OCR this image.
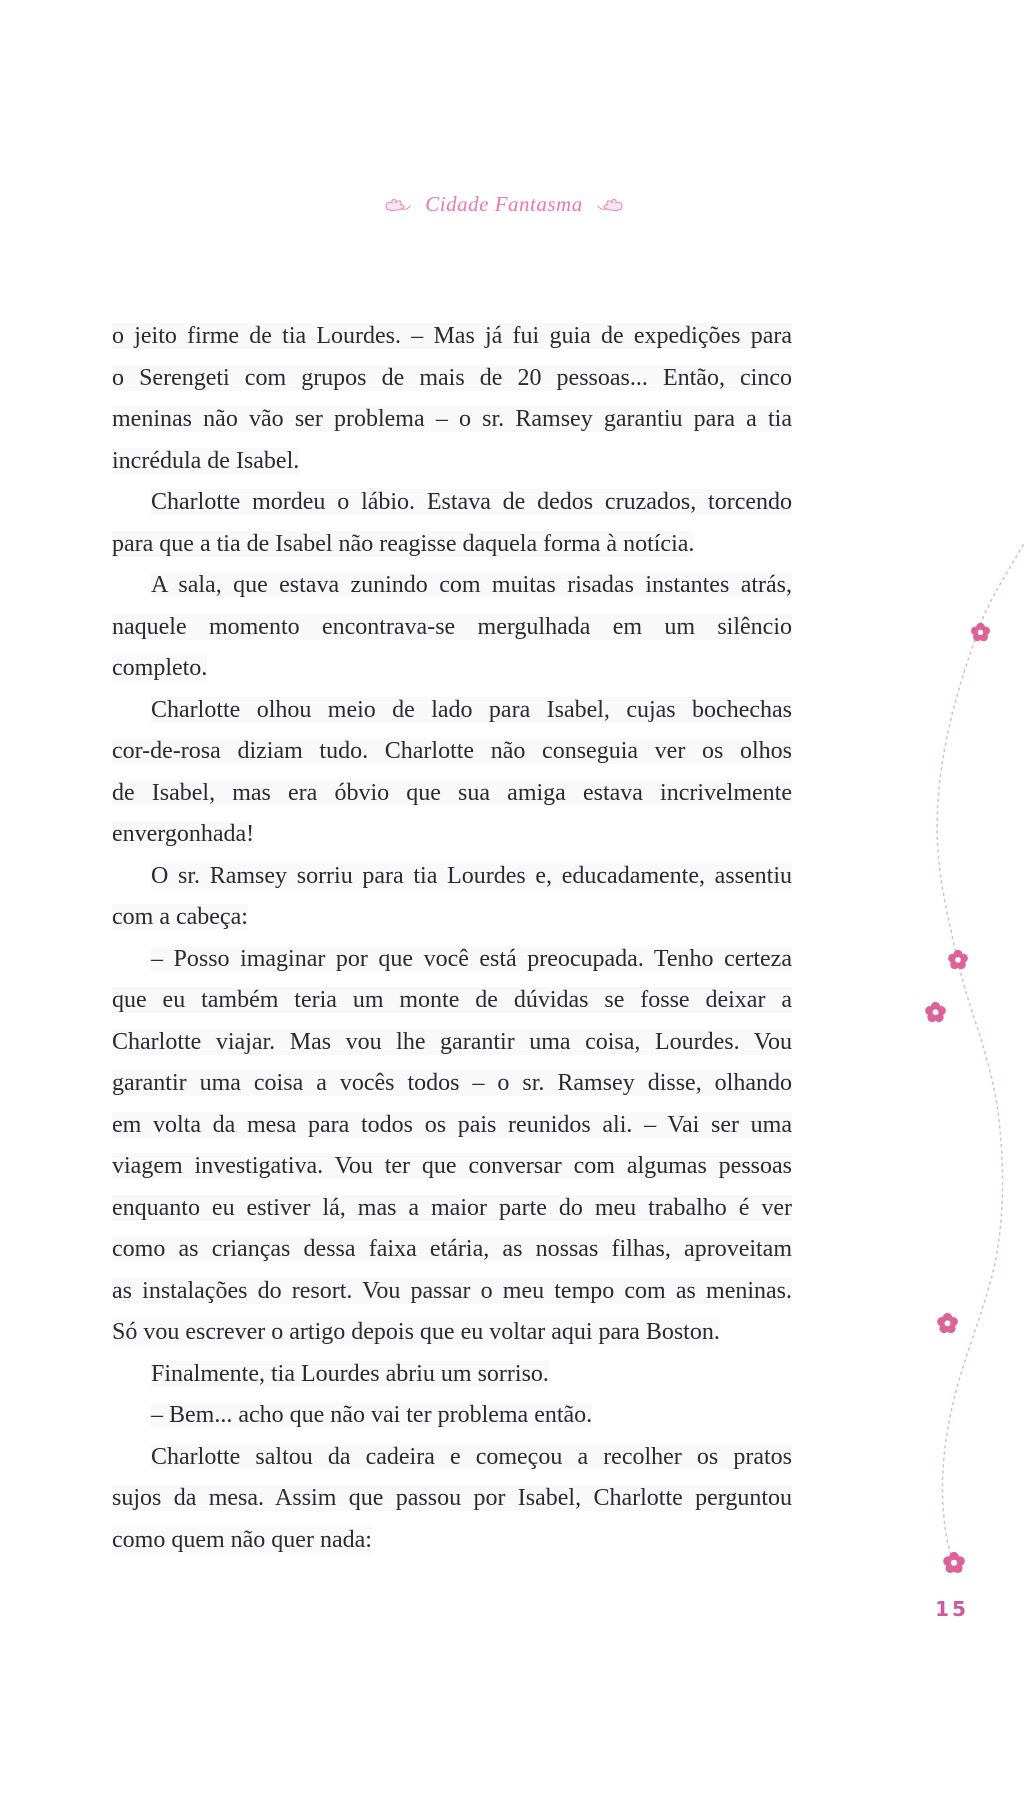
Cidade Fantasma
o jeito firme de tia Lourdes. – Mas já fui guia de expedições para
o Serengeti com grupos de mais de 20 pessoas... Então, cinco
meninas não vão ser problema – o sr. Ramsey garantiu para a tia
incrédula de Isabel.
Charlotte mordeu o lábio. Estava de dedos cruzados, torcendo
para que a tia de Isabel não reagisse daquela forma à notícia.
A sala, que estava zunindo com muitas risadas instantes atrás,
naquele momento encontrava-se mergulhada em um silêncio
completo.
Charlotte olhou meio de lado para Isabel, cujas bochechas
cor-de-rosa diziam tudo. Charlotte não conseguia ver os olhos
de Isabel, mas era óbvio que sua amiga estava incrivelmente
envergonhada!
O sr. Ramsey sorriu para tia Lourdes e, educadamente, assentiu
com a cabeça:
– Posso imaginar por que você está preocupada. Tenho certeza
que eu também teria um monte de dúvidas se fosse deixar a
Charlotte viajar. Mas vou lhe garantir uma coisa, Lourdes. Vou
garantir uma coisa a vocês todos – o sr. Ramsey disse, olhando
em volta da mesa para todos os pais reunidos ali. – Vai ser uma
viagem investigativa. Vou ter que conversar com algumas pessoas
enquanto eu estiver lá, mas a maior parte do meu trabalho é ver
como as crianças dessa faixa etária, as nossas filhas, aproveitam
as instalações do resort. Vou passar o meu tempo com as meninas.
Só vou escrever o artigo depois que eu voltar aqui para Boston.
Finalmente, tia Lourdes abriu um sorriso.
– Bem... acho que não vai ter problema então.
Charlotte saltou da cadeira e começou a recolher os pratos
sujos da mesa. Assim que passou por Isabel, Charlotte perguntou
como quem não quer nada:
15
